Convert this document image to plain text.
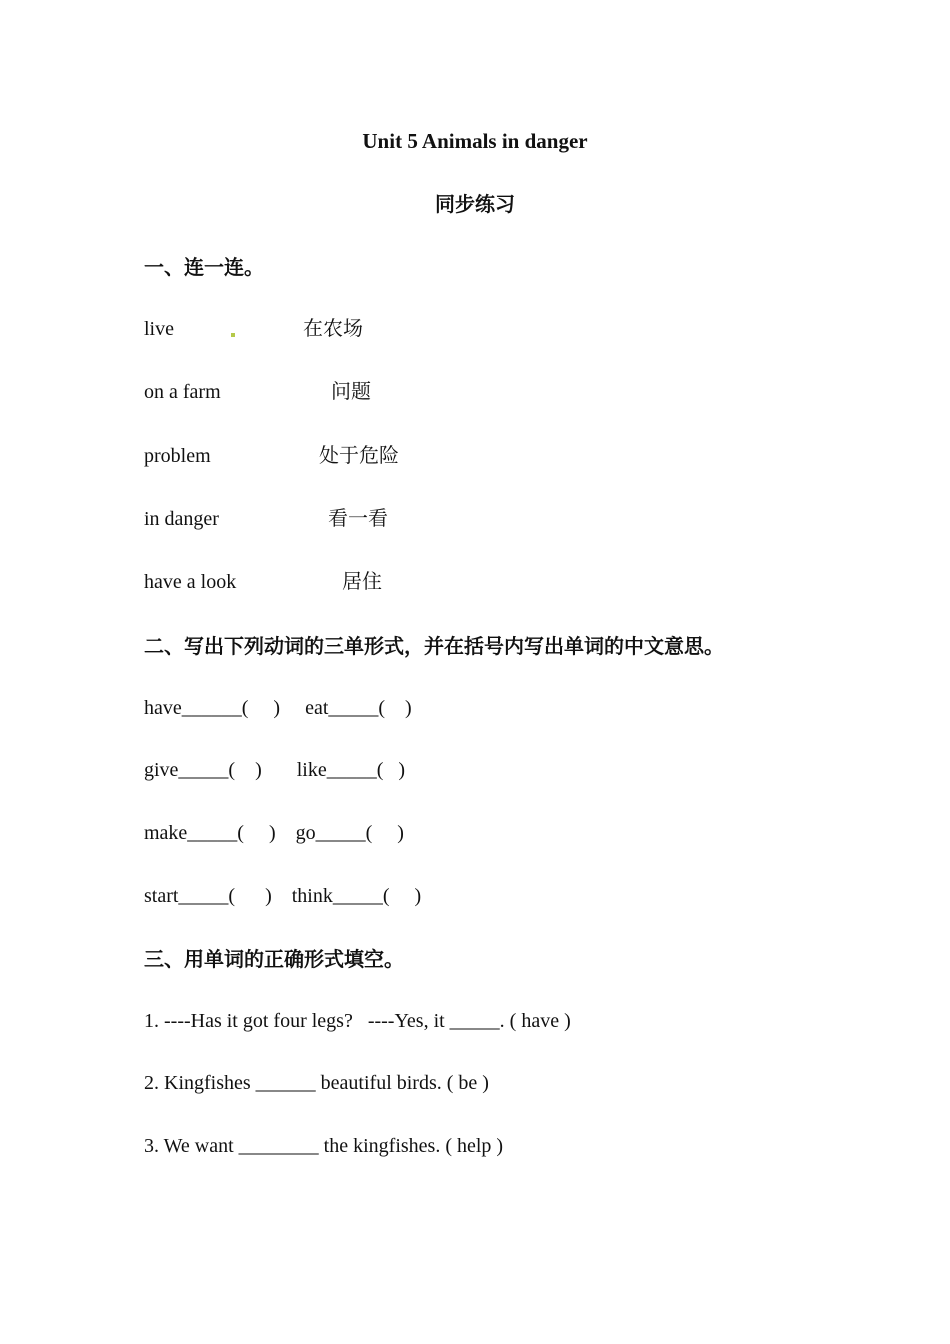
Unit 5 Animals in danger
同步练习
一、连一连。
live	在农场
on a farm	问题
problem	处于危险
in danger	看一看
have a look	居住
二、写出下列动词的三单形式，并在括号内写出单词的中文意思。
have______(     )     eat_____(    )
give_____(    )       like_____(   )
make_____(     )    go_____(     )
start_____(      )    think_____(     )
三、用单词的正确形式填空。
1. ----Has it got four legs?   ----Yes, it _____. ( have )
2. Kingfishes ______ beautiful birds. ( be )
3. We want ________ the kingfishes. ( help )
